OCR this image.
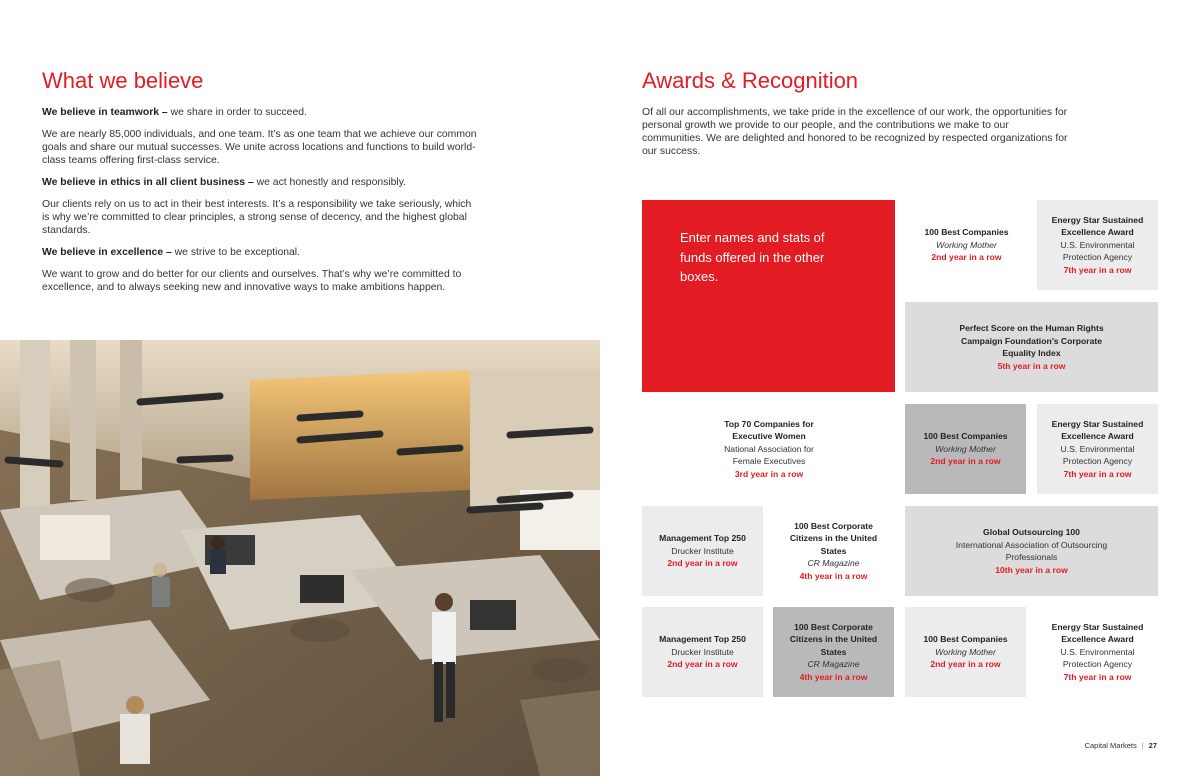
What we believe

We believe in teamwork – we share in order to succeed.

We are nearly 85,000 individuals, and one team. It’s as one team that we achieve our common goals and share our mutual successes. We unite across locations and functions to build world-class teams offering first-class service.

We believe in ethics in all client business – we act honestly and responsibly.

Our clients rely on us to act in their best interests. It’s a responsibility we take seriously, which is why we’re committed to clear principles, a strong sense of decency, and the highest global standards.

We believe in excellence – we strive to be exceptional.

We want to grow and do better for our clients and ourselves. That’s why we’re committed to excellence, and to always seeking new and innovative ways to make ambitions happen.

Awards & Recognition

Of all our accomplishments, we take pride in the excellence of our work, the opportunities for personal growth we provide to our people, and the contributions we make to our communities. We are delighted and honored to be recognized by respected organizations for our success.

Enter names and stats of funds offered in the other boxes.
100 Best Companies
Working Mother
2nd year in a row
Energy Star Sustained Excellence Award
U.S. Environmental Protection Agency
7th year in a row
Perfect Score on the Human Rights Campaign Foundation’s Corporate Equality Index
5th year in a row
Top 70 Companies for Executive Women
National Association for Female Executives
3rd year in a row
100 Best Companies
Working Mother
2nd year in a row
Energy Star Sustained Excellence Award
U.S. Environmental Protection Agency
7th year in a row
Management Top 250
Drucker Institute
2nd year in a row
100 Best Corporate Citizens in the United States
CR Magazine
4th year in a row
Global Outsourcing 100
International Association of Outsourcing Professionals
10th year in a row
Management Top 250
Drucker Institute
2nd year in a row
100 Best Corporate Citizens in the United States
CR Magazine
4th year in a row
100 Best Companies
Working Mother
2nd year in a row
Energy Star Sustained Excellence Award
U.S. Environmental Protection Agency
7th year in a row
Capital Markets | 27
